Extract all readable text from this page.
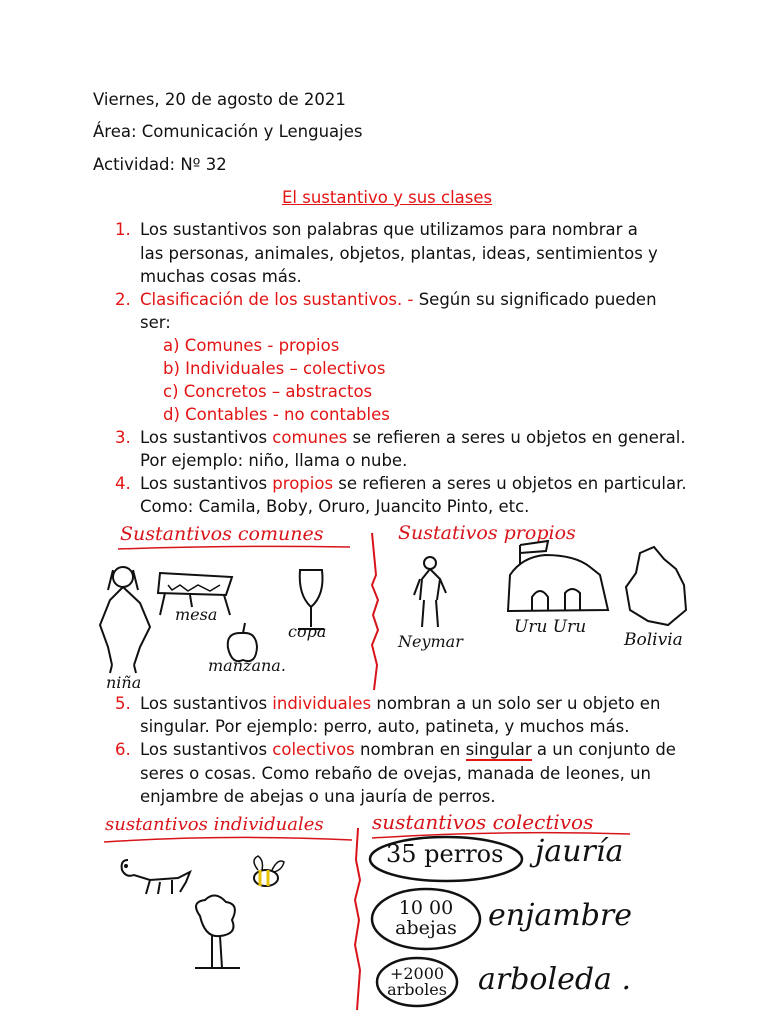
Viernes, 20 de agosto de 2021
Área: Comunicación y Lenguajes
Actividad: Nº 32
El sustantivo y sus clases
1. Los sustantivos son palabras que utilizamos para nombrar a
las personas, animales, objetos, plantas, ideas, sentimientos y
muchas cosas más.
2. Clasificación de los sustantivos. - Según su significado pueden
ser:
a) Comunes - propios
b) Individuales – colectivos
c) Concretos – abstractos
d) Contables - no contables
3. Los sustantivos comunes se refieren a seres u objetos en general.
Por ejemplo: niño, llama o nube.
4. Los sustantivos propios se refieren a seres u objetos en particular.
Como: Camila, Boby, Oruro, Juancito Pinto, etc.
Sustantivos comunes	Sustativos propios
niña
mesa
copa
manzana.
Neymar
Uru Uru
Bolivia
5. Los sustantivos individuales nombran a un solo ser u objeto en
singular. Por ejemplo: perro, auto, patineta, y muchos más.
6. Los sustantivos colectivos nombran en singular a un conjunto de
seres o cosas. Como rebaño de ovejas, manada de leones, un
enjambre de abejas o una jauría de perros.
sustantivos individuales sustantivos colectivos
35 perros
10 00 abejas
+2000 arboles
jauría
enjambre
arboleda .
